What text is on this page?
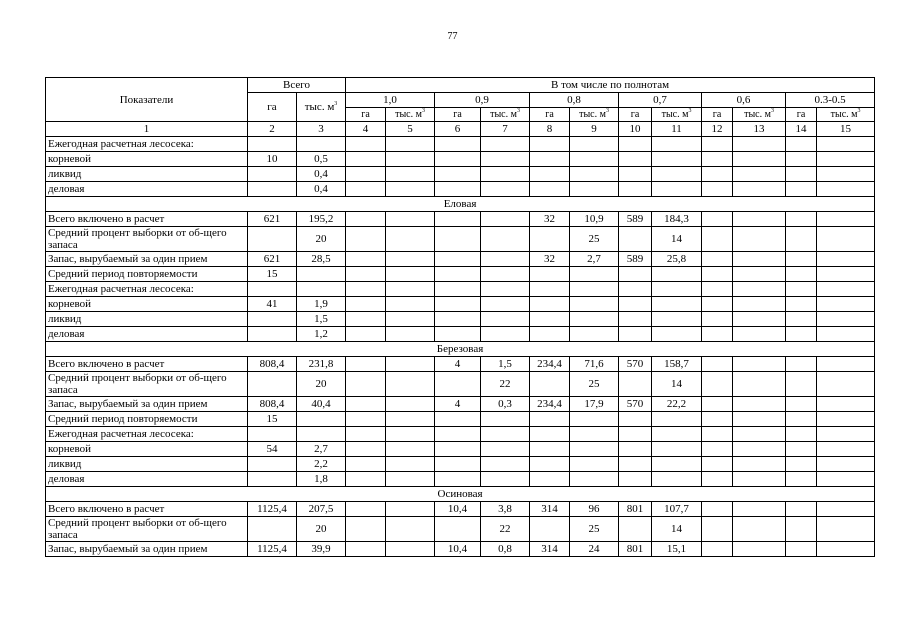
77
Показатели	Всего		В том числе по полнотам											
	га	тыс. $м^3$	1,0		0,9		0,8		0,7		0,6		0.3-0.5	
			га	тыс. $м^3$	га	тыс. $м^3$	га	тыс. $м^3$	га	тыс. $м^3$	га	тыс. $м^3$	га	тыс. $м^3$
1	2	3	4	5	6	7	8	9	10	11	12	13	14	15
Ежегодная расчетная лесосека:														
корневой	10	0,5												
ликвид		0,4												
деловая		0,4												
Еловая														
Всего включено в расчет	621	195,2					32	10,9	589	184,3				
Средний процент выборки от об-щего запаса		20						25		14				
Запас, вырубаемый за один прием	621	28,5					32	2,7	589	25,8				
Средний период повторяемости	15													
Ежегодная расчетная лесосека:														
корневой	41	1,9												
ликвид		1,5												
деловая		1,2												
Березовая														
Всего включено в расчет	808,4	231,8			4	1,5	234,4	71,6	570	158,7				
Средний процент выборки от об-щего запаса		20				22		25		14				
Запас, вырубаемый за один прием	808,4	40,4			4	0,3	234,4	17,9	570	22,2				
Средний период повторяемости	15													
Ежегодная расчетная лесосека:														
корневой	54	2,7												
ликвид		2,2												
деловая		1,8												
Осиновая														
Всего включено в расчет	1125,4	207,5			10,4	3,8	314	96	801	107,7				
Средний процент выборки от об-щего запаса		20				22		25		14				
Запас, вырубаемый за один прием	1125,4	39,9			10,4	0,8	314	24	801	15,1				
